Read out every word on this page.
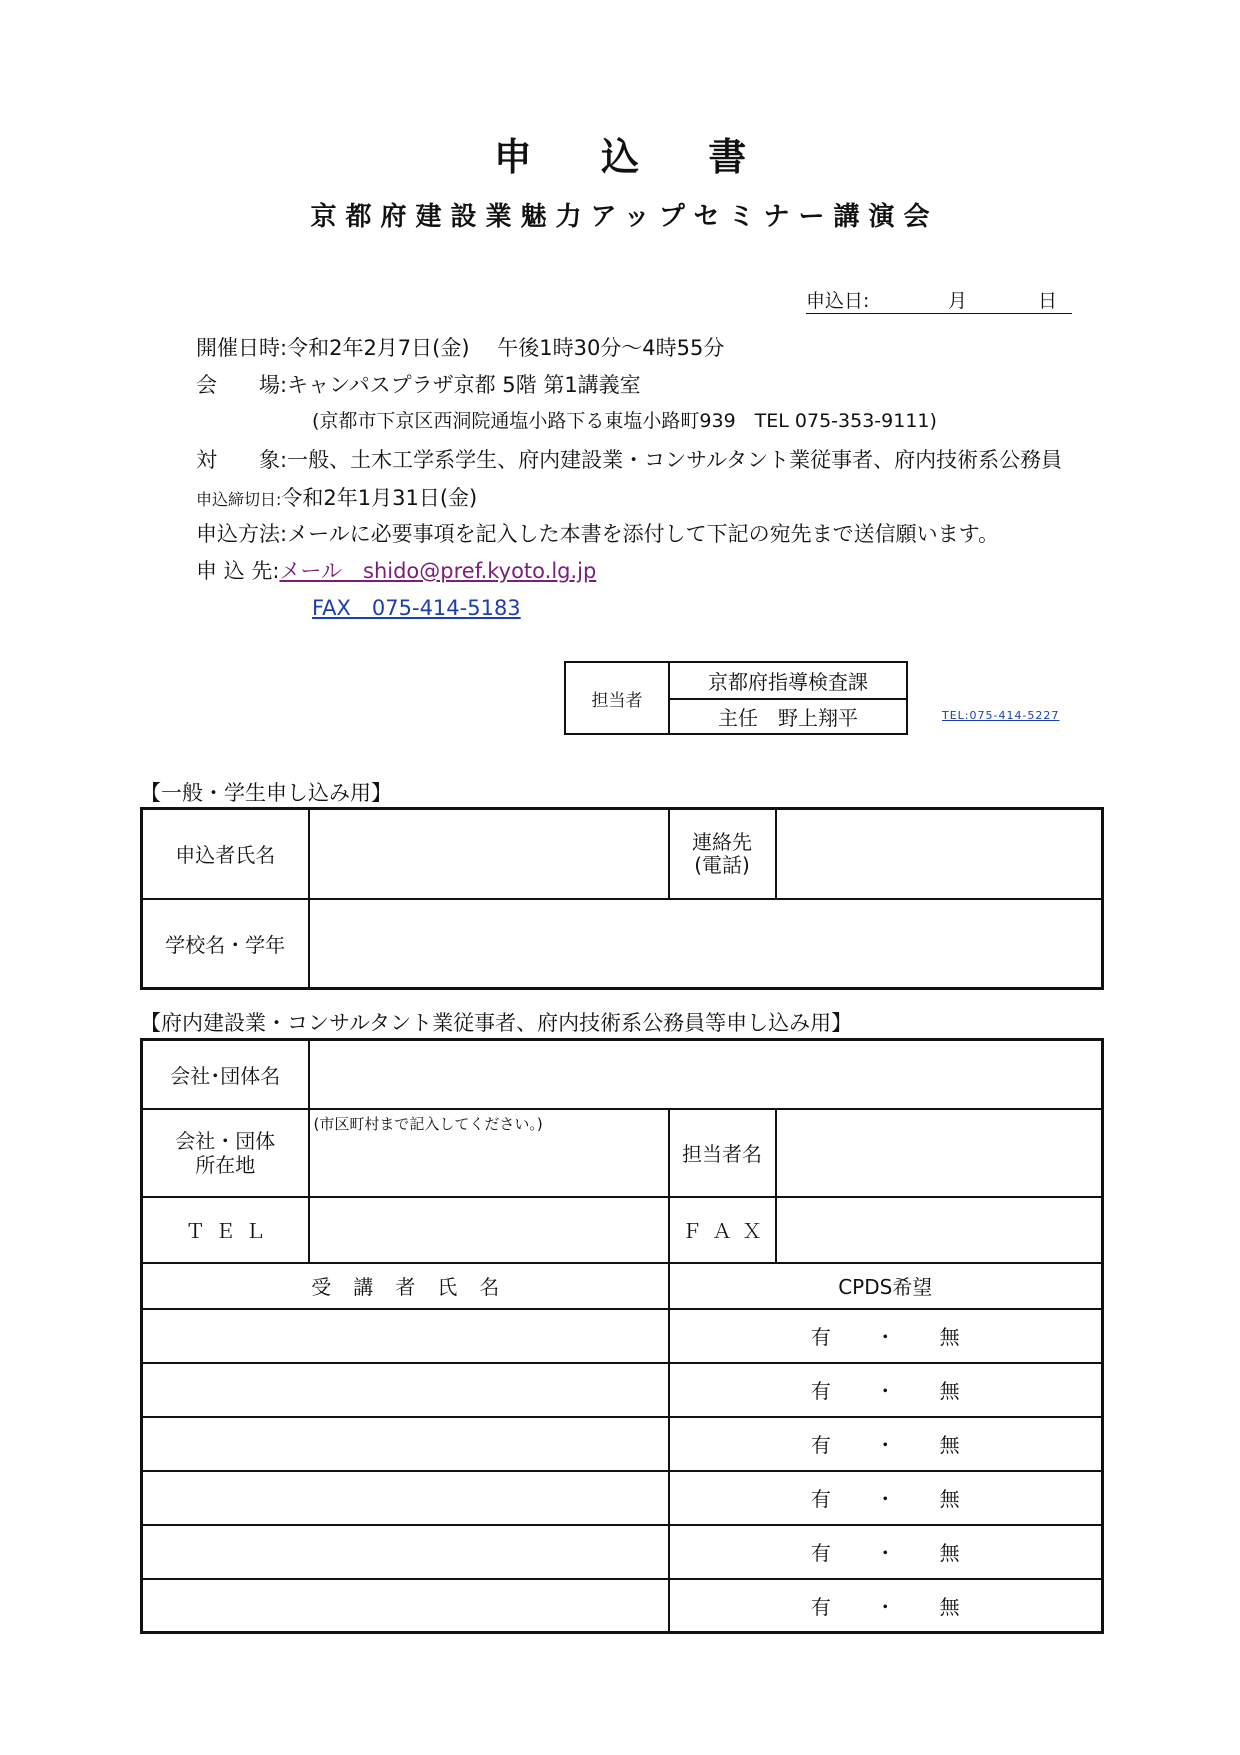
申 込 書
京都府建設業魅力アップセミナー講演会
申込日:	月	日
開催日時:令和2年2月7日(金)　 午後1時30分～4時55分
会　　場:キャンパスプラザ京都 5階 第1講義室
(京都市下京区西洞院通塩小路下る東塩小路町939　TEL 075-353-9111)
対　　象:一般、土木工学系学生、府内建設業・コンサルタント業従事者、府内技術系公務員
申込締切日:令和2年1月31日(金)
申込方法:メールに必要事項を記入した本書を添付して下記の宛先まで送信願います。
申 込 先:メール　shido@pref.kyoto.lg.jp
FAX　075-414-5183
担当者
京都府指導検査課
主任　野上翔平	TEL:075-414-5227
【一般・学生申し込み用】
申込者氏名		連絡先
(電話)	
学校名・学年			
【府内建設業・コンサルタント業従事者、府内技術系公務員等申し込み用】
会社･団体名			
会社・団体
所在地	(市区町村まで記入してください。)	担当者名	
ＴＥＬ		ＦＡＸ	
受講者氏名		CPDS希望	
		有 ・ 無	
		有 ・ 無	
		有 ・ 無	
		有 ・ 無	
		有 ・ 無	
		有 ・ 無	
